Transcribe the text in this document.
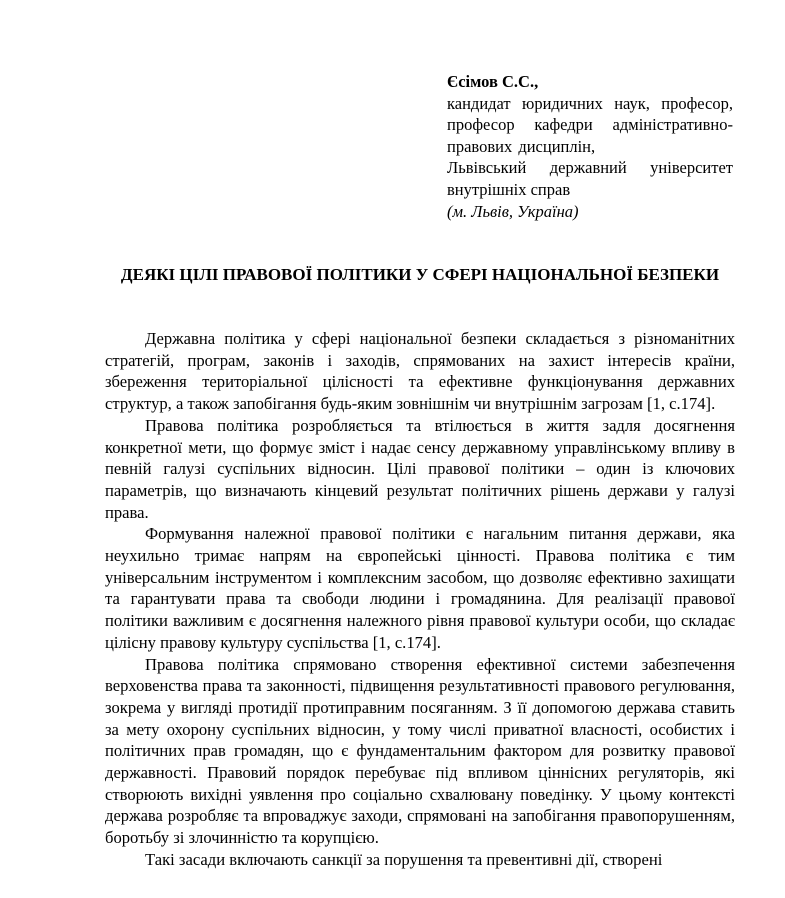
Єсімов С.С.,
кандидат юридичних наук, професор, професор кафедри адміністративно-правових дисциплін,
Львівський державний університет внутрішніх справ
(м. Львів, Україна)
ДЕЯКІ ЦІЛІ ПРАВОВОЇ ПОЛІТИКИ У СФЕРІ НАЦІОНАЛЬНОЇ БЕЗПЕКИ

Державна політика у сфері національної безпеки складається з різноманітних стратегій, програм, законів і заходів, спрямованих на захист інтересів країни, збереження територіальної цілісності та ефективне функціонування державних структур, а також запобігання будь-яким зовнішнім чи внутрішнім загрозам [1, с.174].

Правова політика розробляється та втілюється в життя задля досягнення конкретної мети, що формує зміст і надає сенсу державному управлінському впливу в певній галузі суспільних відносин. Цілі правової політики – один із ключових параметрів, що визначають кінцевий результат політичних рішень держави у галузі права.

Формування належної правової політики є нагальним питання держави, яка неухильно тримає напрям на європейські цінності. Правова політика є тим універсальним інструментом і комплексним засобом, що дозволяє ефективно захищати та гарантувати права та свободи людини і громадянина. Для реалізації правової політики важливим є досягнення належного рівня правової культури особи, що складає цілісну правову культуру суспільства [1, с.174].

Правова політика спрямовано створення ефективної системи забезпечення верховенства права та законності, підвищення результативності правового регулювання, зокрема у вигляді протидії протиправним посяганням. З її допомогою держава ставить за мету охорону суспільних відносин, у тому числі приватної власності, особистих і політичних прав громадян, що є фундаментальним фактором для розвитку правової державності. Правовий порядок перебуває під впливом ціннісних регуляторів, які створюють вихідні уявлення про соціально схвалювану поведінку. У цьому контексті держава розробляє та впроваджує заходи, спрямовані на запобігання правопорушенням, боротьбу зі злочинністю та корупцією.

Такі засади включають санкції за порушення та превентивні дії, створені
